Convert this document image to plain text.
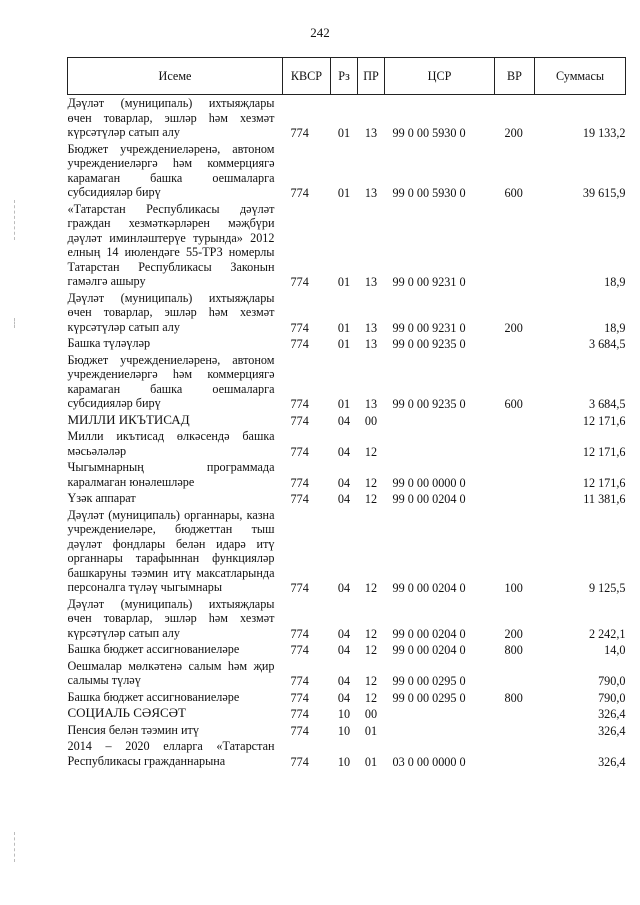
242
Исеме	КВСР	Рз	ПР	ЦСР	ВР	Суммасы
Дәүләт (муниципаль) ихтыяҗлары өчен товарлар, эшләр һәм хезмәт күрсәтүләр сатып алу	774	01	13	99 0 00 5930 0	200	19 133,2
Бюджет учреждениеләренә, автоном учреждениеләргә һәм коммерциягә карамаган башка оешмаларга субсидияләр бирү	774	01	13	99 0 00 5930 0	600	39 615,9
«Татарстан Республикасы дәүләт граждан хезмәткәрләрен мәҗбүри дәүләт иминләштерүе турында» 2012 елның 14 июлендәге 55-ТРЗ номерлы Татарстан Республикасы Законын гамәлгә ашыру	774	01	13	99 0 00 9231 0		18,9
Дәүләт (муниципаль) ихтыяҗлары өчен товарлар, эшләр һәм хезмәт күрсәтүләр сатып алу	774	01	13	99 0 00 9231 0	200	18,9
Башка түләүләр	774	01	13	99 0 00 9235 0		3 684,5
Бюджет учреждениеләренә, автоном учреждениеләргә һәм коммерциягә карамаган башка оешмаларга субсидияләр бирү	774	01	13	99 0 00 9235 0	600	3 684,5
МИЛЛИ ИКЪТИСАД	774	04	00			12 171,6
Милли икътисад өлкәсендә башка мәсьәләләр	774	04	12			12 171,6
Чыгымнарның программада каралмаган юнәлешләре	774	04	12	99 0 00 0000 0		12 171,6
Үзәк аппарат	774	04	12	99 0 00 0204 0		11 381,6
Дәүләт (муниципаль) органнары, казна учреждениеләре, бюджеттан тыш дәүләт фондлары белән идарә итү органнары тарафыннан функцияләр башкаруны тәэмин итү максатларында персоналга түләү чыгымнары	774	04	12	99 0 00 0204 0	100	9 125,5
Дәүләт (муниципаль) ихтыяҗлары өчен товарлар, эшләр һәм хезмәт күрсәтүләр сатып алу	774	04	12	99 0 00 0204 0	200	2 242,1
Башка бюджет ассигнованиеләре	774	04	12	99 0 00 0204 0	800	14,0
Оешмалар мөлкәтенә салым һәм җир салымы түләү	774	04	12	99 0 00 0295 0		790,0
Башка бюджет ассигнованиеләре	774	04	12	99 0 00 0295 0	800	790,0
СОЦИАЛЬ СӘЯСӘТ	774	10	00			326,4
Пенсия белән тәэмин итү	774	10	01			326,4
2014 – 2020 елларга «Татарстан Республикасы гражданнарына	774	10	01	03 0 00 0000 0		326,4
